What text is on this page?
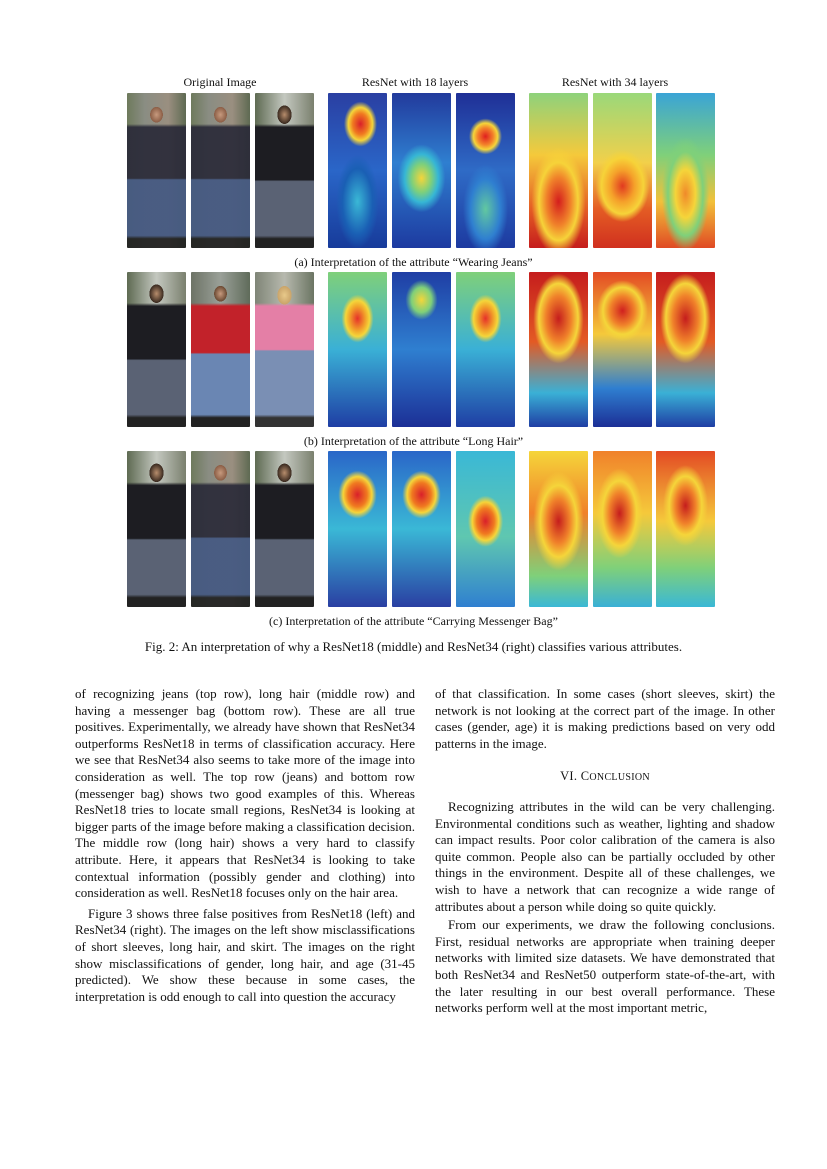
Original Image	ResNet with 18 layers	ResNet with 34 layers
(a) Interpretation of the attribute “Wearing Jeans”
(b) Interpretation of the attribute “Long Hair”
(c) Interpretation of the attribute “Carrying Messenger Bag”
Fig. 2: An interpretation of why a ResNet18 (middle) and ResNet34 (right) classifies various attributes.

of recognizing jeans (top row), long hair (middle row) and having a messenger bag (bottom row). These are all true positives. Experimentally, we already have shown that ResNet34 outperforms ResNet18 in terms of classification accuracy. Here we see that ResNet34 also seems to take more of the image into consideration as well. The top row (jeans) and bottom row (messenger bag) shows two good examples of this. Whereas ResNet18 tries to locate small regions, ResNet34 is looking at bigger parts of the image before making a classification decision. The middle row (long hair) shows a very hard to classify attribute. Here, it appears that ResNet34 is looking to take contextual information (possibly gender and clothing) into consideration as well. ResNet18 focuses only on the hair area.

Figure 3 shows three false positives from ResNet18 (left) and ResNet34 (right). The images on the left show misclassifications of short sleeves, long hair, and skirt. The images on the right show misclassifications of gender, long hair, and age (31-45 predicted). We show these because in some cases, the interpretation is odd enough to call into question the accuracy

of that classification. In some cases (short sleeves, skirt) the network is not looking at the correct part of the image. In other cases (gender, age) it is making predictions based on very odd patterns in the image.

VI. CONCLUSION

Recognizing attributes in the wild can be very challenging. Environmental conditions such as weather, lighting and shadow can impact results. Poor color calibration of the camera is also quite common. People also can be partially occluded by other things in the environment. Despite all of these challenges, we wish to have a network that can recognize a wide range of attributes about a person while doing so quite quickly.

From our experiments, we draw the following conclusions. First, residual networks are appropriate when training deeper networks with limited size datasets. We have demonstrated that both ResNet34 and ResNet50 outperform state-of-the-art, with the later resulting in our best overall performance. These networks perform well at the most important metric,
